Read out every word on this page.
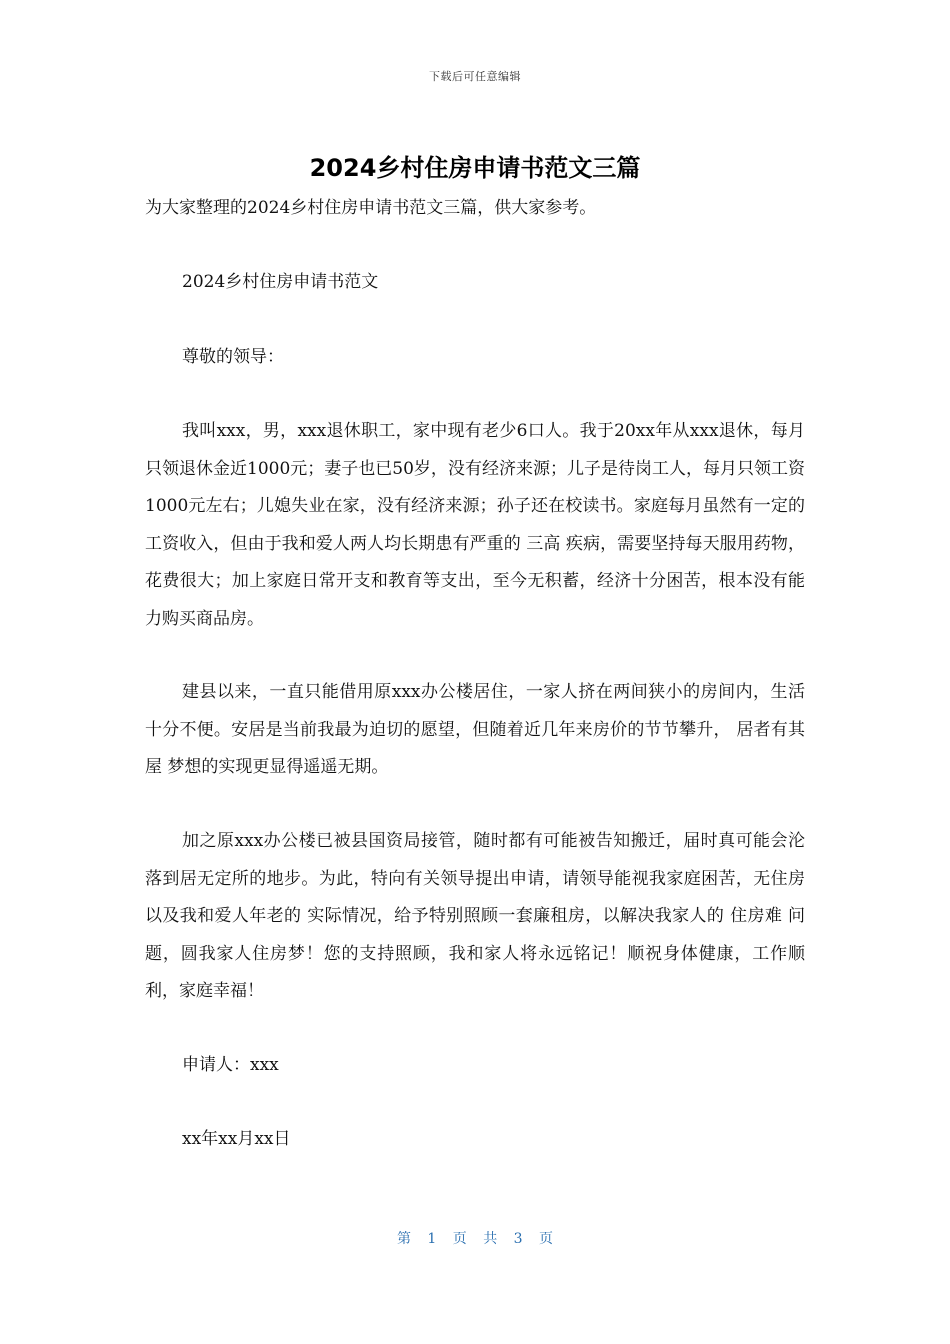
下载后可任意编辑
2024乡村住房申请书范文三篇

为大家整理的2024乡村住房申请书范文三篇，供大家参考。

2024乡村住房申请书范文

尊敬的领导：

我叫xxx，男，xxx退休职工，家中现有老少6口人。我于20xx年从xxx退休，每月只领退休金近1000元；妻子也已50岁，没有经济来源；儿子是待岗工人，每月只领工资1000元左右；儿媳失业在家，没有经济来源；孙子还在校读书。家庭每月虽然有一定的工资收入，但由于我和爱人两人均长期患有严重的 三高 疾病，需要坚持每天服用药物，花费很大；加上家庭日常开支和教育等支出，至今无积蓄，经济十分困苦，根本没有能力购买商品房。

建县以来，一直只能借用原xxx办公楼居住，一家人挤在两间狭小的房间内，生活十分不便。安居是当前我最为迫切的愿望，但随着近几年来房价的节节攀升， 居者有其屋 梦想的实现更显得遥遥无期。

加之原xxx办公楼已被县国资局接管，随时都有可能被告知搬迁，届时真可能会沦落到居无定所的地步。为此，特向有关领导提出申请，请领导能视我家庭困苦，无住房以及我和爱人年老的 实际情况，给予特别照顾一套廉租房，以解决我家人的 住房难 问题，圆我家人住房梦！您的支持照顾，我和家人将永远铭记！顺祝身体健康，工作顺利，家庭幸福！

申请人：xxx

xx年xx月xx日

第 1 页 共 3 页
